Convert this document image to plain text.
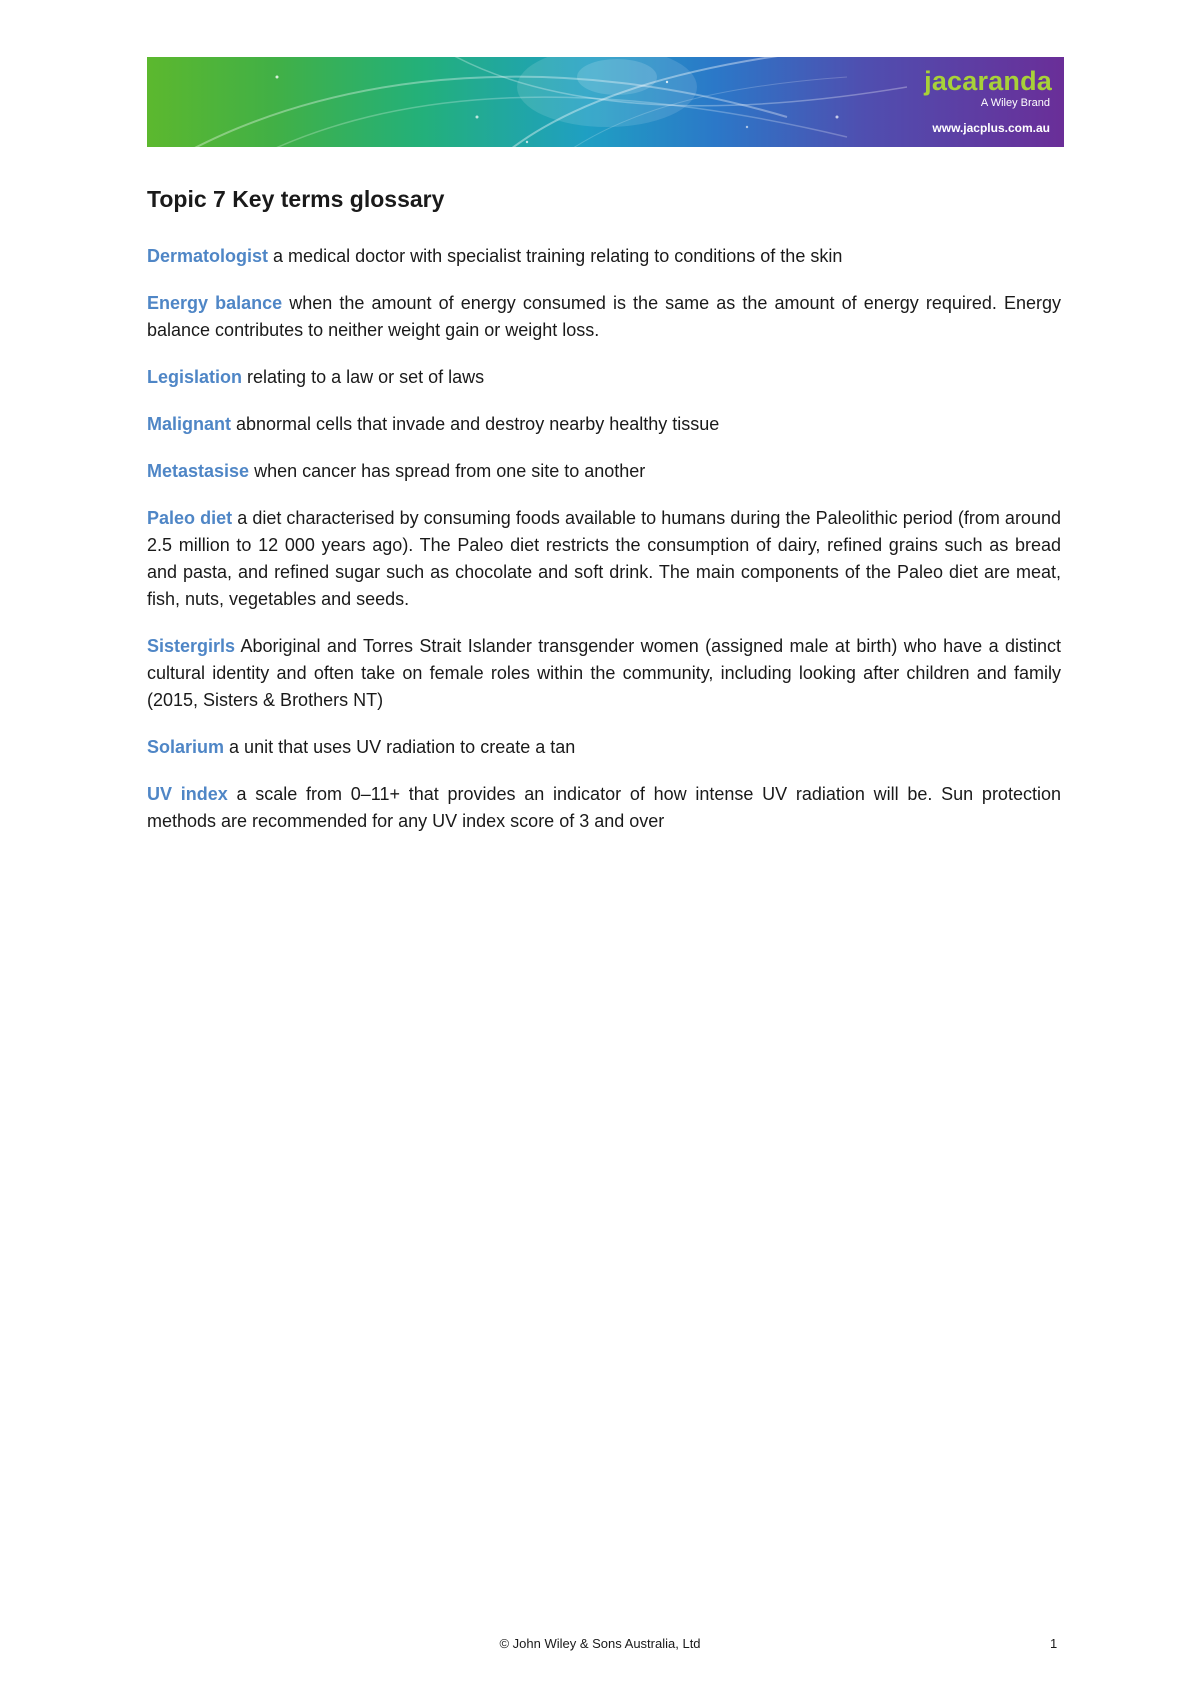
jacaranda
A Wiley Brand
www.jacplus.com.au
Topic 7 Key terms glossary

Dermatologist a medical doctor with specialist training relating to conditions of the skin

Energy balance when the amount of energy consumed is the same as the amount of energy required. Energy balance contributes to neither weight gain or weight loss.

Legislation relating to a law or set of laws

Malignant abnormal cells that invade and destroy nearby healthy tissue

Metastasise when cancer has spread from one site to another

Paleo diet a diet characterised by consuming foods available to humans during the Paleolithic period (from around 2.5 million to 12 000 years ago). The Paleo diet restricts the consumption of dairy, refined grains such as bread and pasta, and refined sugar such as chocolate and soft drink. The main components of the Paleo diet are meat, fish, nuts, vegetables and seeds.

Sistergirls Aboriginal and Torres Strait Islander transgender women (assigned male at birth) who have a distinct cultural identity and often take on female roles within the community, including looking after children and family (2015, Sisters & Brothers NT)

Solarium a unit that uses UV radiation to create a tan

UV index a scale from 0–11+ that provides an indicator of how intense UV radiation will be. Sun protection methods are recommended for any UV index score of 3 and over

© John Wiley & Sons Australia, Ltd	1
